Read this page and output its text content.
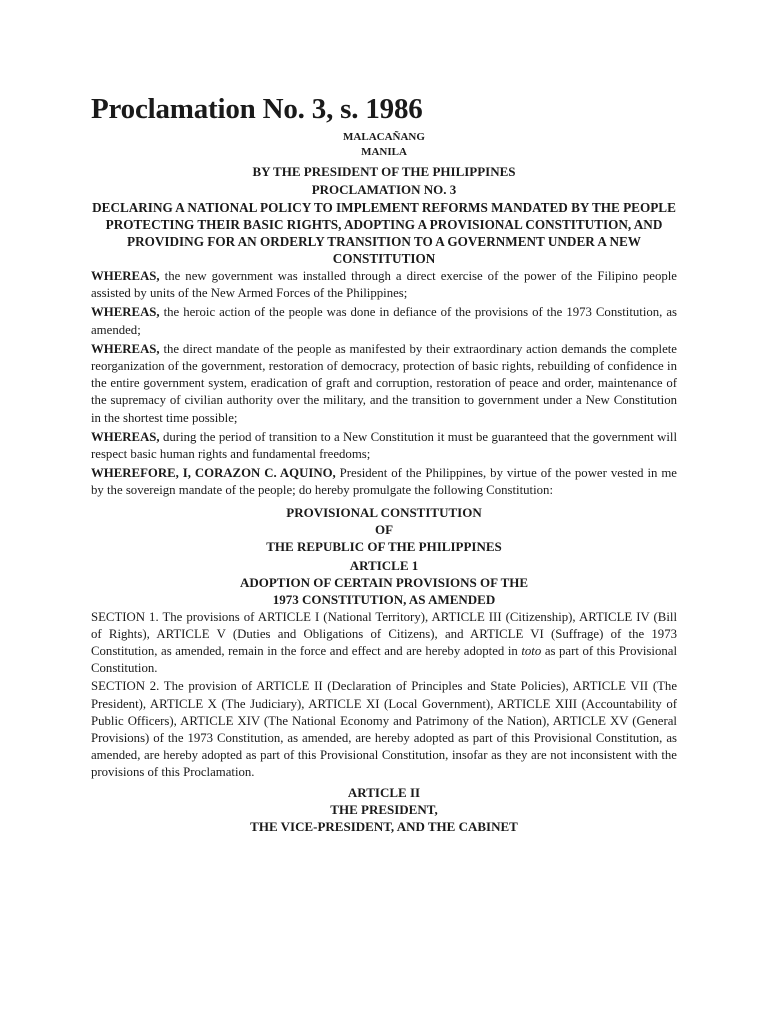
Proclamation No. 3, s. 1986
MALACAÑANG
MANILA
BY THE PRESIDENT OF THE PHILIPPINES
PROCLAMATION NO. 3
DECLARING A NATIONAL POLICY TO IMPLEMENT REFORMS MANDATED BY THE PEOPLE PROTECTING THEIR BASIC RIGHTS, ADOPTING A PROVISIONAL CONSTITUTION, AND PROVIDING FOR AN ORDERLY TRANSITION TO A GOVERNMENT UNDER A NEW CONSTITUTION

WHEREAS, the new government was installed through a direct exercise of the power of the Filipino people assisted by units of the New Armed Forces of the Philippines;

WHEREAS, the heroic action of the people was done in defiance of the provisions of the 1973 Constitution, as amended;

WHEREAS, the direct mandate of the people as manifested by their extraordinary action demands the complete reorganization of the government, restoration of democracy, protection of basic rights, rebuilding of confidence in the entire government system, eradication of graft and corruption, restoration of peace and order, maintenance of the supremacy of civilian authority over the military, and the transition to government under a New Constitution in the shortest time possible;

WHEREAS, during the period of transition to a New Constitution it must be guaranteed that the government will respect basic human rights and fundamental freedoms;

WHEREFORE, I, CORAZON C. AQUINO, President of the Philippines, by virtue of the power vested in me by the sovereign mandate of the people; do hereby promulgate the following Constitution:

PROVISIONAL CONSTITUTION
OF
THE REPUBLIC OF THE PHILIPPINES
ARTICLE 1
ADOPTION OF CERTAIN PROVISIONS OF THE
1973 CONSTITUTION, AS AMENDED

SECTION 1. The provisions of ARTICLE I (National Territory), ARTICLE III (Citizenship), ARTICLE IV (Bill of Rights), ARTICLE V (Duties and Obligations of Citizens), and ARTICLE VI (Suffrage) of the 1973 Constitution, as amended, remain in the force and effect and are hereby adopted in toto as part of this Provisional Constitution.

SECTION 2. The provision of ARTICLE II (Declaration of Principles and State Policies), ARTICLE VII (The President), ARTICLE X (The Judiciary), ARTICLE XI (Local Government), ARTICLE XIII (Accountability of Public Officers), ARTICLE XIV (The National Economy and Patrimony of the Nation), ARTICLE XV (General Provisions) of the 1973 Constitution, as amended, are hereby adopted as part of this Provisional Constitution, as amended, are hereby adopted as part of this Provisional Constitution, insofar as they are not inconsistent with the provisions of this Proclamation.

ARTICLE II
THE PRESIDENT,
THE VICE-PRESIDENT, AND THE CABINET
